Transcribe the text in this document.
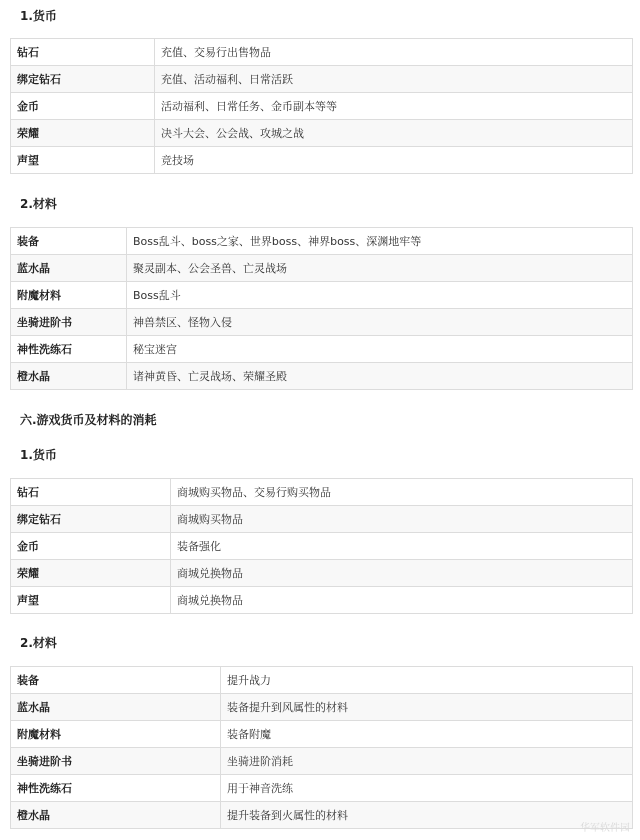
1.货币
钻石	充值、交易行出售物品
绑定钻石	充值、活动福利、日常活跃
金币	活动福利、日常任务、金币副本等等
荣耀	决斗大会、公会战、攻城之战
声望	竞技场
2.材料
装备	Boss乱斗、boss之家、世界boss、神界boss、深渊地牢等
蓝水晶	聚灵副本、公会圣兽、亡灵战场
附魔材料	Boss乱斗
坐骑进阶书	神兽禁区、怪物入侵
神性洗练石	秘宝迷宫
橙水晶	诸神黄昏、亡灵战场、荣耀圣殿
六.游戏货币及材料的消耗
1.货币
钻石	商城购买物品、交易行购买物品
绑定钻石	商城购买物品
金币	装备强化
荣耀	商城兑换物品
声望	商城兑换物品
2.材料
装备	提升战力
蓝水晶	装备提升到风属性的材料
附魔材料	装备附魔
坐骑进阶书	坐骑进阶消耗
神性洗练石	用于神音洗练
橙水晶	提升装备到火属性的材料
华军软件园
